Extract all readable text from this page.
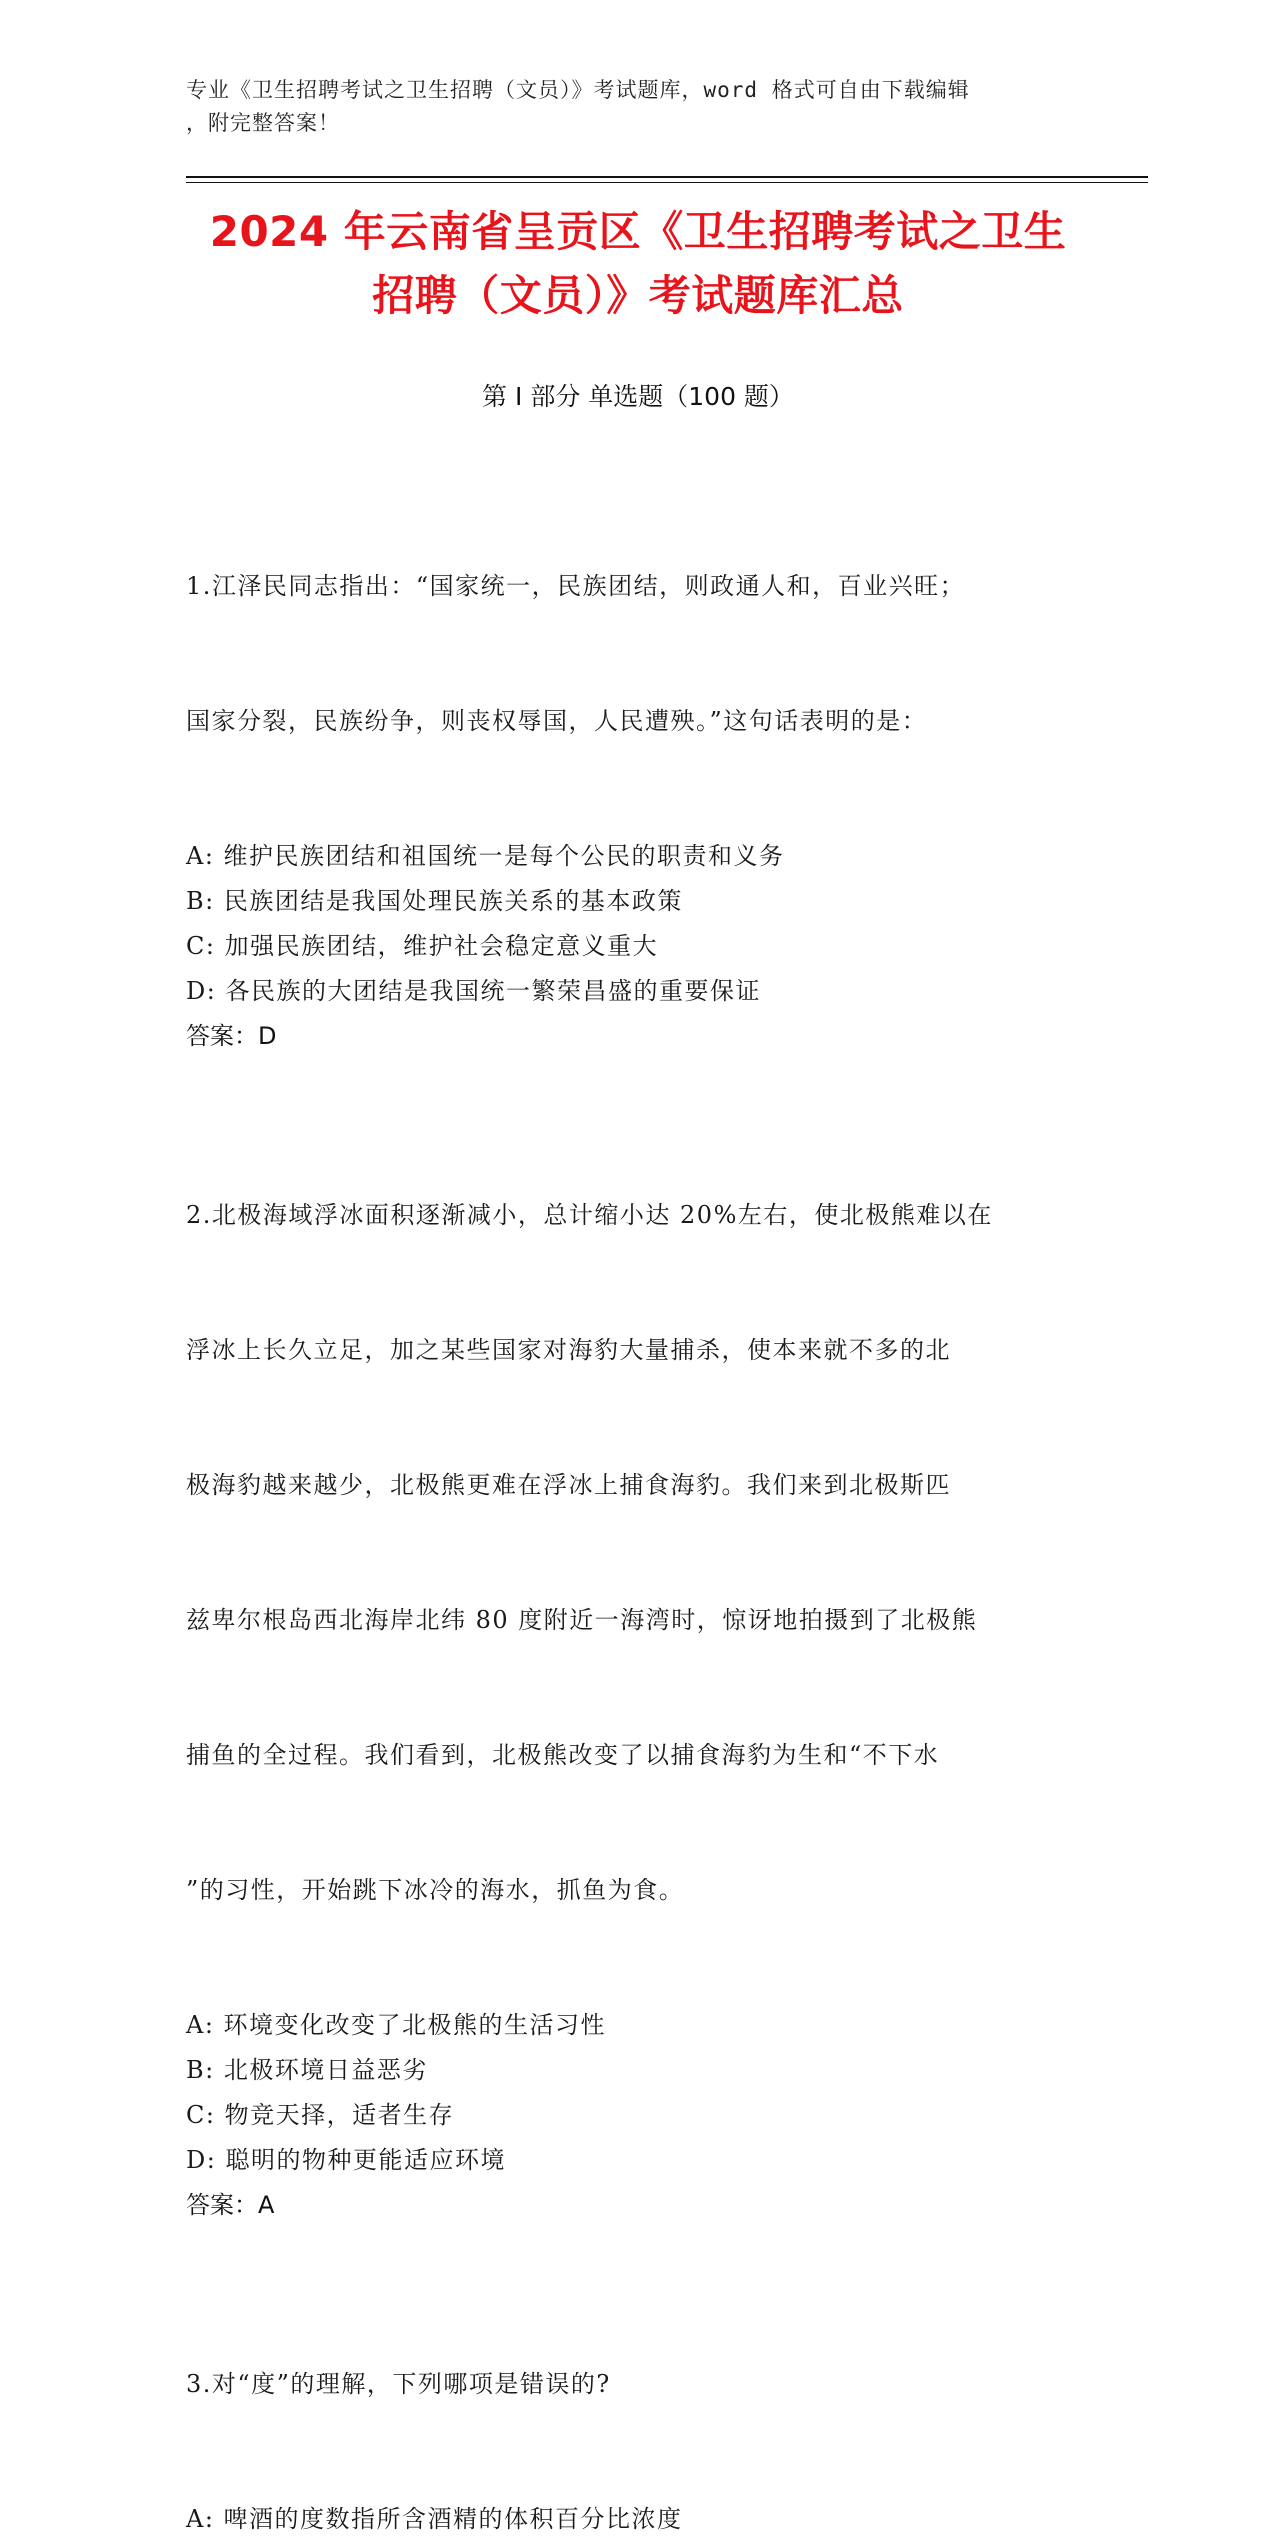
专业《卫生招聘考试之卫生招聘（文员）》考试题库，word 格式可自由下载编辑
，附完整答案！
2024 年云南省呈贡区《卫生招聘考试之卫生
招聘（文员）》考试题库汇总
第 I 部分 单选题（100 题）

1.江泽民同志指出：“国家统一，民族团结，则政通人和，百业兴旺；

国家分裂，民族纷争，则丧权辱国，人民遭殃。”这句话表明的是：

A: 维护民族团结和祖国统一是每个公民的职责和义务
B: 民族团结是我国处理民族关系的基本政策
C: 加强民族团结，维护社会稳定意义重大
D: 各民族的大团结是我国统一繁荣昌盛的重要保证
答案：D

2.北极海域浮冰面积逐渐减小，总计缩小达 20%左右，使北极熊难以在

浮冰上长久立足，加之某些国家对海豹大量捕杀，使本来就不多的北

极海豹越来越少，北极熊更难在浮冰上捕食海豹。我们来到北极斯匹

兹卑尔根岛西北海岸北纬 80 度附近一海湾时，惊讶地拍摄到了北极熊

捕鱼的全过程。我们看到，北极熊改变了以捕食海豹为生和“不下水

”的习性，开始跳下冰冷的海水，抓鱼为食。

A: 环境变化改变了北极熊的生活习性
B: 北极环境日益恶劣
C: 物竞天择，适者生存
D: 聪明的物种更能适应环境
答案：A

3.对“度”的理解，下列哪项是错误的?

A: 啤酒的度数指所含酒精的体积百分比浓度
